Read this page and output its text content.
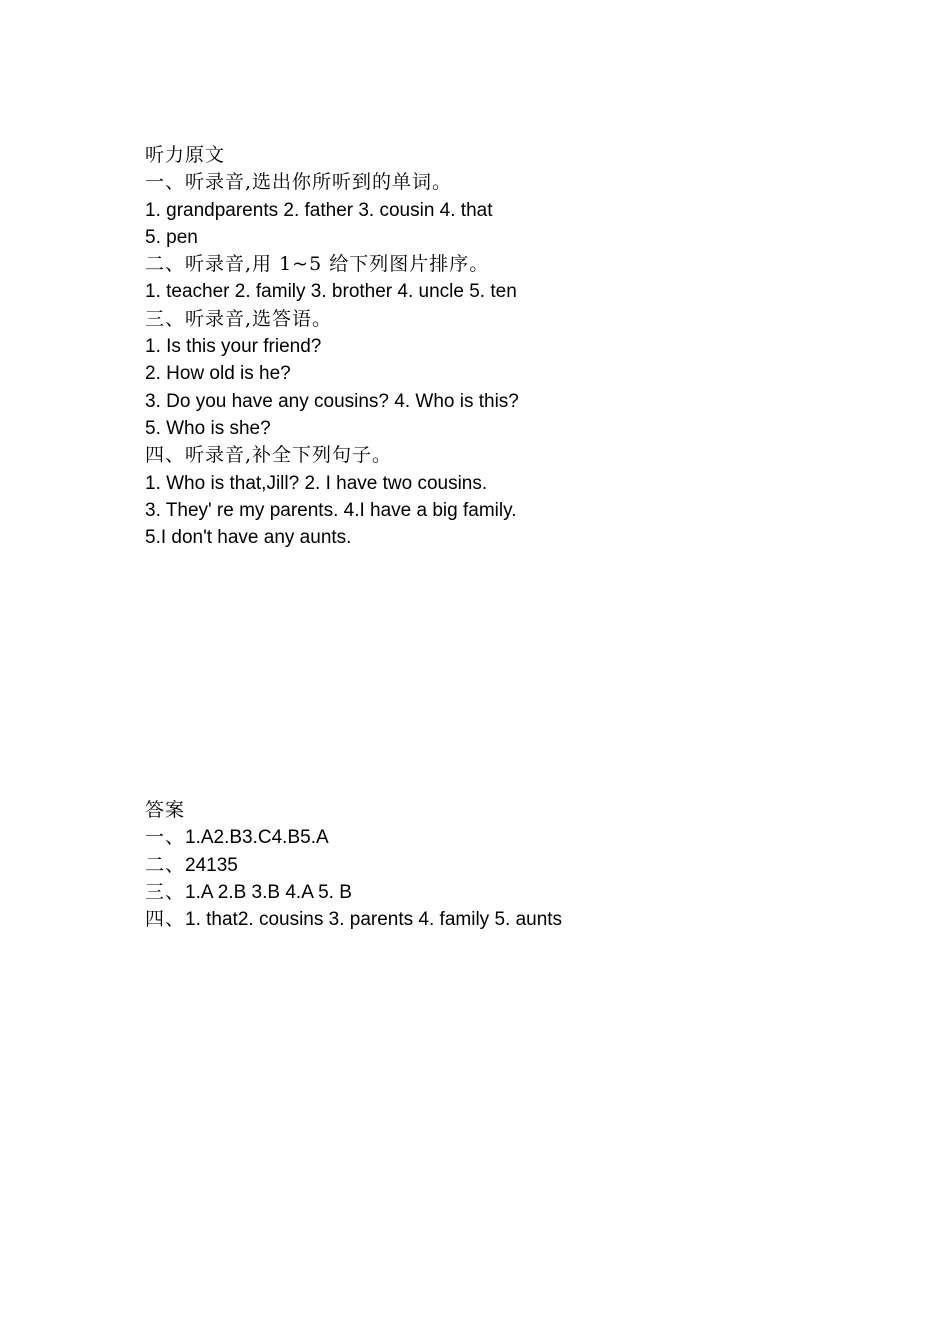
听力原文

一、听录音,选出你所听到的单词。

1. grandparents 2. father 3. cousin 4. that

5. pen

二、听录音,用 1~5 给下列图片排序。

1. teacher 2. family 3. brother 4. uncle 5. ten

三、听录音,选答语。

1. Is this your friend?

2. How old is he?

3. Do you have any cousins? 4. Who is this?

5. Who is she?

四、听录音,补全下列句子。

1. Who is that,Jill? 2. I have two cousins.

3. They' re my parents. 4.I have a big family.

5.I don't have any aunts.

答案

一、1.A2.B3.C4.B5.A

二、24135

三、1.A 2.B 3.B 4.A 5. B

四、1. that2. cousins 3. parents 4. family 5. aunts
